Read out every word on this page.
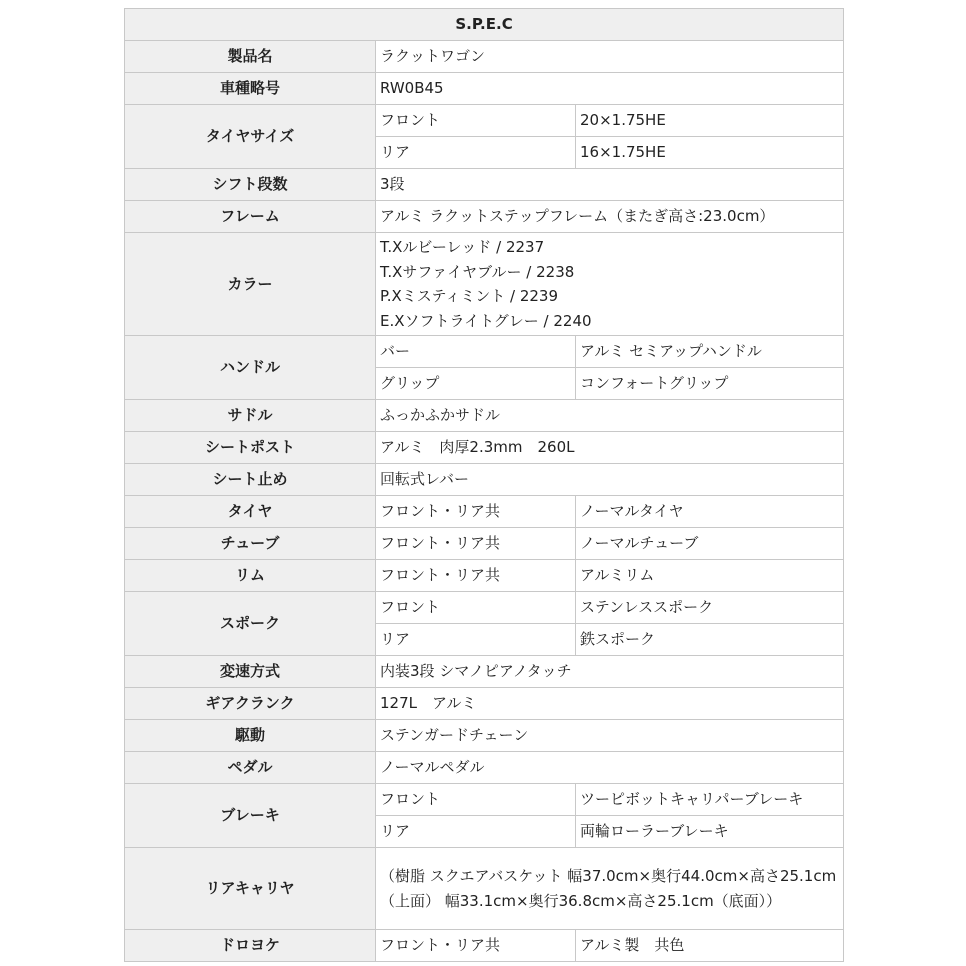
S.P.E.C		
製品名	ラクットワゴン	
車種略号	RW0B45	
タイヤサイズ	フロント	20×1.75HE
	リア	16×1.75HE
シフト段数	3段	
フレーム	アルミ ラクットステップフレーム（またぎ高さ:23.0cm）	
カラー	T.Xルビーレッド / 2237
T.Xサファイヤブルー / 2238
P.Xミスティミント / 2239
E.Xソフトライトグレー / 2240	

ハンドル	バー	アルミ セミアップハンドル
	グリップ	コンフォートグリップ
サドル	ふっかふかサドル	
シートポスト	アルミ　肉厚2.3mm　260L	
シート止め	回転式レバー	
タイヤ	フロント・リア共	ノーマルタイヤ
チューブ	フロント・リア共	ノーマルチューブ
リム	フロント・リア共	アルミリム
スポーク	フロント	ステンレススポーク
	リア	鉄スポーク
変速方式	内装3段 シマノピアノタッチ	
ギアクランク	127L　アルミ	
駆動	ステンガードチェーン	
ペダル	ノーマルペダル	
ブレーキ	フロント	ツーピボットキャリパーブレーキ
	リア	両輪ローラーブレーキ
リアキャリヤ	（樹脂 スクエアバスケット 幅37.0cm×奥行44.0cm×高さ25.1cm（上面） 幅33.1cm×奥行36.8cm×高さ25.1cm（底面））	
ドロヨケ	フロント・リア共	アルミ製　共色
